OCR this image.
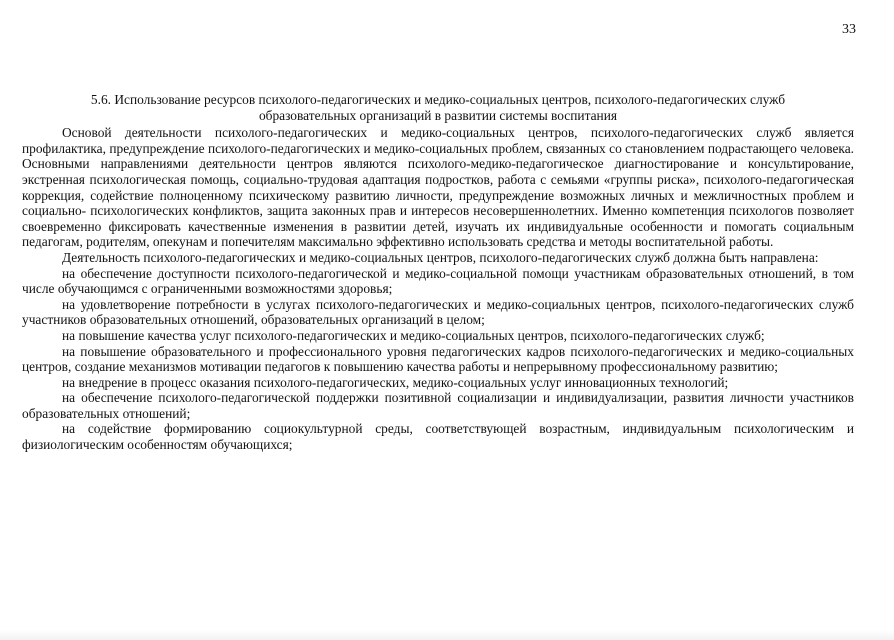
33
5.6. Использование ресурсов психолого-педагогических и медико-социальных центров, психолого-педагогических служб образовательных организаций в развитии системы воспитания

Основой деятельности психолого-педагогических и медико-социальных центров, психолого-педагогических служб является профилактика, предупреждение психолого-педагогических и медико-социальных проблем, связанных со становлением подрастающего человека. Основными направлениями деятельности центров являются психолого-медико-педагогическое диагностирование и консультирование, экстренная психологическая помощь, социально-трудовая адаптация подростков, работа с семьями «группы риска», психолого-педагогическая коррекция, содействие полноценному психическому развитию личности, предупреждение возможных личных и межличностных проблем и социально- психологических конфликтов, защита законных прав и интересов несовершеннолетних. Именно компетенция психологов позволяет своевременно фиксировать качественные изменения в развитии детей, изучать их индивидуальные особенности и помогать социальным педагогам, родителям, опекунам и попечителям максимально эффективно использовать средства и методы воспитательной работы.

Деятельность психолого-педагогических и медико-социальных центров, психолого-педагогических служб должна быть направлена:

на обеспечение доступности психолого-педагогической и медико-социальной помощи участникам образовательных отношений, в том числе обучающимся с ограниченными возможностями здоровья;

на удовлетворение потребности в услугах психолого-педагогических и медико-социальных центров, психолого-педагогических служб участников образовательных отношений, образовательных организаций в целом;

на повышение качества услуг психолого-педагогических и медико-социальных центров, психолого-педагогических служб;

на повышение образовательного и профессионального уровня педагогических кадров психолого-педагогических и медико-социальных центров, создание механизмов мотивации педагогов к повышению качества работы и непрерывному профессиональному развитию;

на внедрение в процесс оказания психолого-педагогических, медико-социальных услуг инновационных технологий;

на обеспечение психолого-педагогической поддержки позитивной социализации и индивидуализации, развития личности участников образовательных отношений;

на содействие формированию социокультурной среды, соответствующей возрастным, индивидуальным психологическим и физиологическим особенностям обучающихся;
